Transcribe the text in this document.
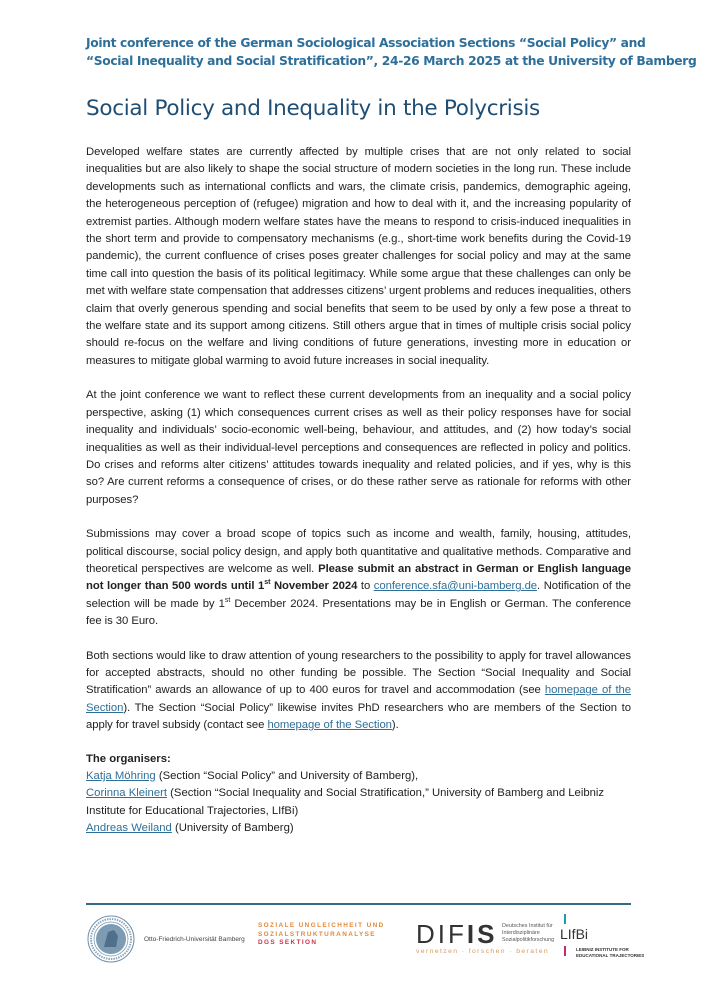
Joint conference of the German Sociological Association Sections “Social Policy” and
“Social Inequality and Social Stratification”, 24-26 March 2025 at the University of Bamberg
Social Policy and Inequality in the Polycrisis

Developed welfare states are currently affected by multiple crises that are not only related to social inequalities but are also likely to shape the social structure of modern societies in the long run. These include developments such as international conflicts and wars, the climate crisis, pandemics, demographic ageing, the heterogeneous perception of (refugee) migration and how to deal with it, and the increasing popularity of extremist parties. Although modern welfare states have the means to respond to crisis-induced inequalities in the short term and provide to compensatory mechanisms (e.g., short-time work benefits during the Covid-19 pandemic), the current confluence of crises poses greater challenges for social policy and may at the same time call into question the basis of its political legitimacy. While some argue that these challenges can only be met with welfare state compensation that addresses citizens’ urgent problems and reduces inequalities, others claim that overly generous spending and social benefits that seem to be used by only a few pose a threat to the welfare state and its support among citizens. Still others argue that in times of multiple crisis social policy should re-focus on the welfare and living conditions of future generations, investing more in education or measures to mitigate global warming to avoid future increases in social inequality.

At the joint conference we want to reflect these current developments from an inequality and a social policy perspective, asking (1) which consequences current crises as well as their policy responses have for social inequality and individuals’ socio-economic well-being, behaviour, and attitudes, and (2) how today’s social inequalities as well as their individual-level perceptions and consequences are reflected in policy and politics. Do crises and reforms alter citizens’ attitudes towards inequality and related policies, and if yes, why is this so? Are current reforms a consequence of crises, or do these rather serve as rationale for reforms with other purposes?

Submissions may cover a broad scope of topics such as income and wealth, family, housing, attitudes, political discourse, social policy design, and apply both quantitative and qualitative methods. Comparative and theoretical perspectives are welcome as well. Please submit an abstract in German or English language not longer than 500 words until 1st November 2024 to conference.sfa@uni-bamberg.de. Notification of the selection will be made by 1st December 2024. Presentations may be in English or German. The conference fee is 30 Euro.

Both sections would like to draw attention of young researchers to the possibility to apply for travel allowances for accepted abstracts, should no other funding be possible. The Section “Social Inequality and Social Stratification” awards an allowance of up to 400 euros for travel and accommodation (see homepage of the Section). The Section “Social Policy” likewise invites PhD researchers who are members of the Section to apply for travel subsidy (contact see homepage of the Section).

The organisers:
Katja Möhring (Section “Social Policy” and University of Bamberg),
Corinna Kleinert (Section “Social Inequality and Social Stratification,” University of Bamberg and Leibniz Institute for Educational Trajectories, LIfBi)
Andreas Weiland (University of Bamberg)
Otto-Friedrich-Universität Bamberg
SOZIALE UNGLEICHHEIT UND
SOZIALSTRUKTURANALYSE
DGS SEKTION	DIFIS Deutsches Institut für
Interdisziplinäre
Sozialpolitikforschung
vernetzen · forschen · beraten
LIfBi
LEIBNIZ INSTITUTE FOR
EDUCATIONAL TRAJECTORIES
